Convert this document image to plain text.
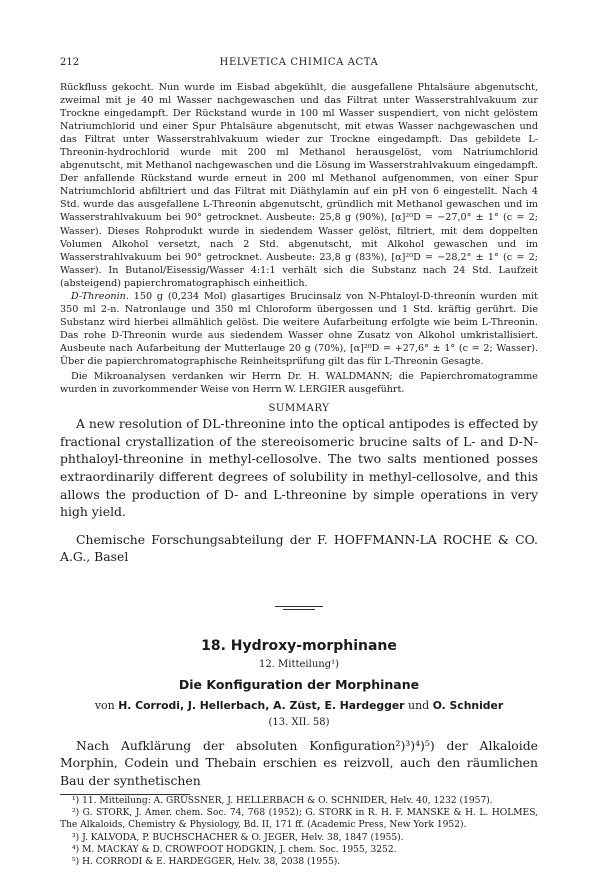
212	HELVETICA CHIMICA ACTA

Rückfluss gekocht. Nun wurde im Eisbad abgekühlt, die ausgefallene Phtalsäure abgenutscht, zweimal mit je 40 ml Wasser nachgewaschen und das Filtrat unter Wasserstrahlvakuum zur Trockne eingedampft. Der Rückstand wurde in 100 ml Wasser suspendiert, von nicht gelöstem Natriumchlorid und einer Spur Phtalsäure abgenutscht, mit etwas Wasser nachgewaschen und das Filtrat unter Wasserstrahlvakuum wieder zur Trockne eingedampft. Das gebildete L-Threonin-hydrochlorid wurde mit 200 ml Methanol herausgelöst, vom Natriumchlorid abgenutscht, mit Methanol nachgewaschen und die Lösung im Wasserstrahlvakuum eingedampft. Der anfallende Rückstand wurde erneut in 200 ml Methanol aufgenommen, von einer Spur Natriumchlorid abfiltriert und das Filtrat mit Diäthylamin auf ein pH von 6 eingestellt. Nach 4 Std. wurde das ausgefallene L-Threonin abgenutscht, gründlich mit Methanol gewaschen und im Wasserstrahlvakuum bei 90° getrocknet. Ausbeute: 25,8 g (90%), [α]²⁰D = −27,0° ± 1° (c = 2; Wasser). Dieses Rohprodukt wurde in siedendem Wasser gelöst, filtriert, mit dem doppelten Volumen Alkohol versetzt, nach 2 Std. abgenutscht, mit Alkohol gewaschen und im Wasserstrahlvakuum bei 90° getrocknet. Ausbeute: 23,8 g (83%), [α]²⁰D = −28,2° ± 1° (c = 2; Wasser). In Butanol/Eisessig/Wasser 4:1:1 verhält sich die Substanz nach 24 Std. Laufzeit (absteigend) papierchromatographisch einheitlich.

D-Threonin. 150 g (0,234 Mol) glasartiges Brucinsalz von N-Phtaloyl-D-threonin wurden mit 350 ml 2-n. Natronlauge und 350 ml Chloroform übergossen und 1 Std. kräftig gerührt. Die Substanz wird hierbei allmählich gelöst. Die weitere Aufarbeitung erfolgte wie beim L-Threonin. Das rohe D-Threonin wurde aus siedendem Wasser ohne Zusatz von Alkohol umkristallisiert. Ausbeute nach Aufarbeitung der Mutterlauge 20 g (70%), [α]²⁰D = +27,6° ± 1° (c = 2; Wasser). Über die papierchromatographische Reinheitsprüfung gilt das für L-Threonin Gesagte.

Die Mikroanalysen verdanken wir Herrn Dr. H. WALDMANN; die Papierchromatogramme wurden in zuvorkommender Weise von Herrn W. LERGIER ausgeführt.

SUMMARY

A new resolution of DL-threonine into the optical antipodes is effected by fractional crystallization of the stereoisomeric brucine salts of L- and D-N-phthaloyl-threonine in methyl-cellosolve. The two salts mentioned posses extraordinarily different degrees of solubility in methyl-cellosolve, and this allows the production of D- and L-threonine by simple operations in very high yield.

Chemische Forschungsabteilung der F. HOFFMANN-LA ROCHE & CO. A.G., Basel

18. Hydroxy-morphinane
12. Mitteilung¹)
Die Konfiguration der Morphinane
von H. Corrodi, J. Hellerbach, A. Züst, E. Hardegger und O. Schnider
(13. XII. 58)

Nach Aufklärung der absoluten Konfiguration²)³)⁴)⁵) der Alkaloide Morphin, Codein und Thebain erschien es reizvoll, auch den räumlichen Bau der synthetischen

¹) 11. Mitteilung: A. GRÜSSNER, J. HELLERBACH & O. SCHNIDER, Helv. 40, 1232 (1957).

²) G. STORK, J. Amer. chem. Soc. 74, 768 (1952); G. STORK in R. H. F. MANSKE & H. L. HOLMES, The Alkaloids, Chemistry & Physiology, Bd. II, 171 ff. (Academic Press, New York 1952).

³) J. KALVODA, P. BUCHSCHACHER & O. JEGER, Helv. 38, 1847 (1955).

⁴) M. MACKAY & D. CROWFOOT HODGKIN, J. chem. Soc. 1955, 3252.

⁵) H. CORRODI & E. HARDEGGER, Helv. 38, 2038 (1955).
